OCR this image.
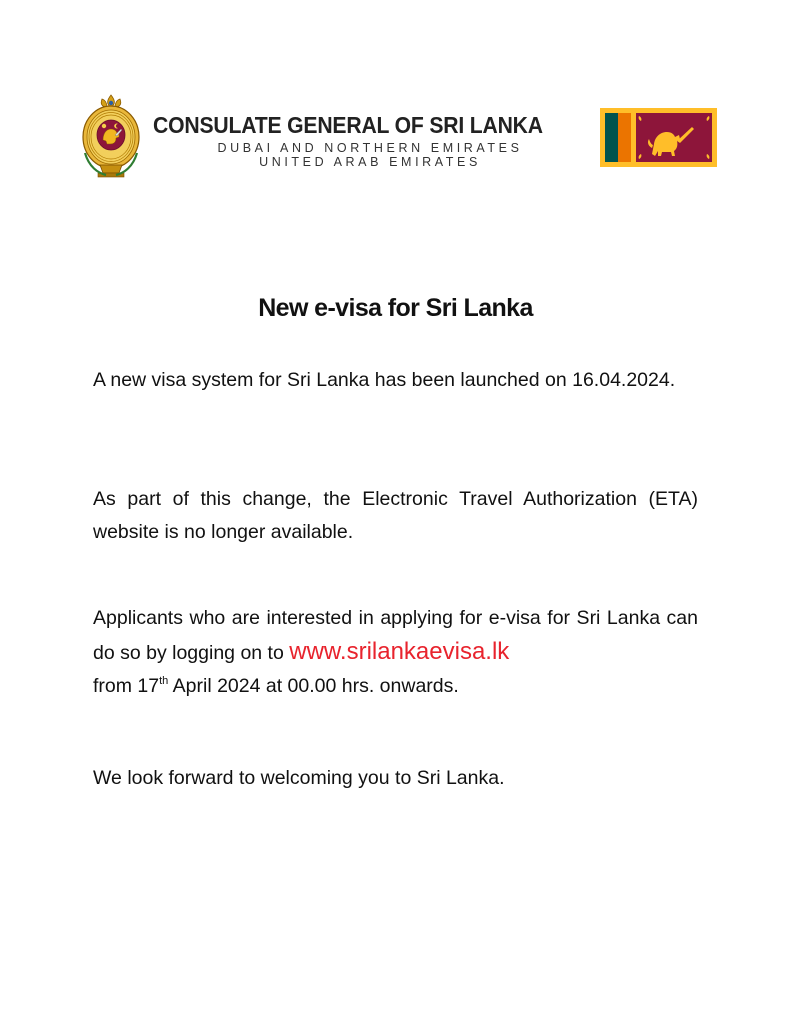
CONSULATE GENERAL OF SRI LANKA
DUBAI AND NORTHERN EMIRATES
UNITED ARAB EMIRATES
New e-visa for Sri Lanka

A new visa system for Sri Lanka has been launched on 16.04.2024.

As part of this change, the Electronic Travel Authorization (ETA) website is no longer available.

Applicants who are interested in applying for e-visa for Sri Lanka can do so by logging on to www.srilankaevisa.lk
from 17th April 2024 at 00.00 hrs. onwards.

We look forward to welcoming you to Sri Lanka.
